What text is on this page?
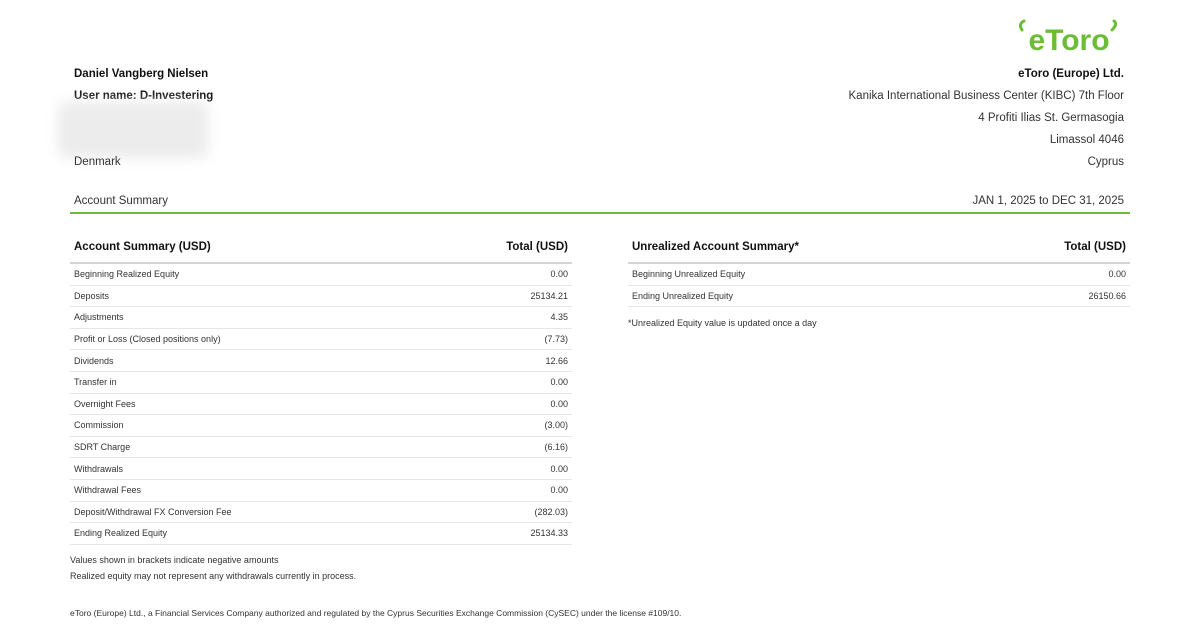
eToro
Daniel Vangberg Nielsen
User name: D-Investering
Denmark
eToro (Europe) Ltd.
Kanika International Business Center (KIBC) 7th Floor
4 Profiti Ilias St. Germasogia
Limassol 4046
Cyprus
Account Summary	JAN 1, 2025 to DEC 31, 2025
Account Summary (USD)	Total (USD)
Beginning Realized Equity	0.00
Deposits	25134.21
Adjustments	4.35
Profit or Loss (Closed positions only)	(7.73)
Dividends	12.66
Transfer in	0.00
Overnight Fees	0.00
Commission	(3.00)
SDRT Charge	(6.16)
Withdrawals	0.00
Withdrawal Fees	0.00
Deposit/Withdrawal FX Conversion Fee	(282.03)
Ending Realized Equity	25134.33
Unrealized Account Summary*	Total (USD)
Beginning Unrealized Equity	0.00
Ending Unrealized Equity	26150.66
*Unrealized Equity value is updated once a day
Values shown in brackets indicate negative amounts
Realized equity may not represent any withdrawals currently in process.
eToro (Europe) Ltd., a Financial Services Company authorized and regulated by the Cyprus Securities Exchange Commission (CySEC) under the license #109/10.
